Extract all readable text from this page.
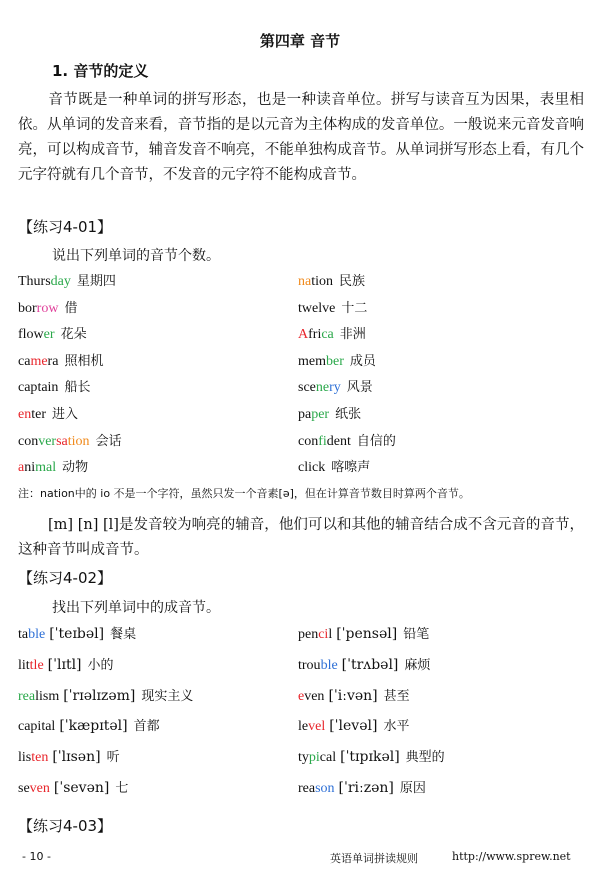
第四章 音节
1. 音节的定义
音节既是一种单词的拼写形态，也是一种读音单位。拼写与读音互为因果，表里相依。从单词的发音来看，音节指的是以元音为主体构成的发音单位。一般说来元音发音响亮，可以构成音节，辅音发音不响亮，不能单独构成音节。从单词拼写形态上看，有几个元字符就有几个音节，不发音的元字符不能构成音节。
【练习4-01】
说出下列单词的音节个数。
Thursday 星期四	nation 民族
borrow 借	twelve 十二
flower 花朵	Africa 非洲
camera 照相机	member 成员
captain 船长	scenery 风景
enter 进入	paper 纸张
conversation 会话	confident 自信的
animal 动物	click 喀嚓声
注：nation中的 io 不是一个字符，虽然只发一个音素[ə]，但在计算音节数目时算两个音节。
[m] [n] [l]是发音较为响亮的辅音，他们可以和其他的辅音结合成不含元音的音节，这种音节叫成音节。
【练习4-02】
找出下列单词中的成音节。
table [ˈteɪbəl] 餐桌	pencil [ˈpensəl] 铅笔
little [ˈlɪtl] 小的	trouble [ˈtrʌbəl] 麻烦
realism [ˈrɪəlɪzəm] 现实主义	even [ˈiːvən] 甚至
capital [ˈkæpɪtəl] 首都	level [ˈlevəl] 水平
listen [ˈlɪsən] 听	typical [ˈtɪpɪkəl] 典型的
seven [ˈsevən] 七	reason [ˈriːzən] 原因
【练习4-03】
- 10 -	英语单词拼读规则	http://www.sprew.net
